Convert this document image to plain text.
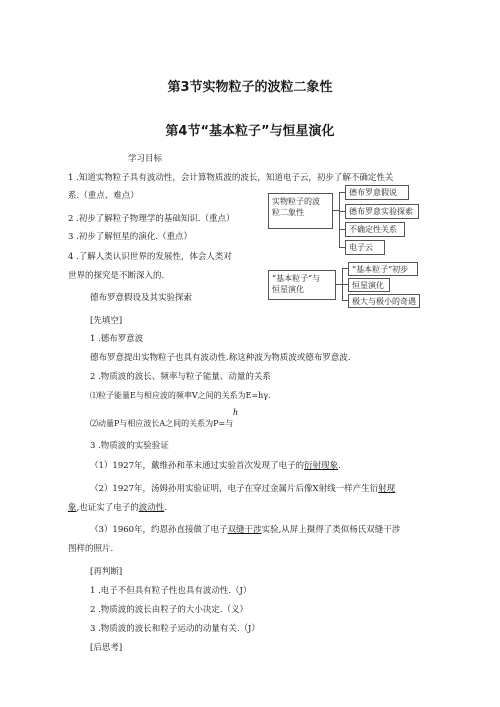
第3节实物粒子的波粒二象性
第4节“基本粒子”与恒星演化
学习目标
1 .知道实物粒子具有波动性，会计算物质波的波长，知道电子云，初步了解不确定性关
系.（重点、难点）
2 .初步了解粒子物理学的基础知识.（重点）
3 .初步了解恒星的演化.（重点）
4 .了解人类认识世界的发展性，体会人类对
世界的探究是不断深入的.
实物粒子的波
粒二象性
德布罗意假说
德布罗意实验探索
不确定性关系
电子云
“基本粒子”与
恒星演化
“基本粒子”初步
恒星演化
极大与极小的奇遇
德布罗意假设及其实验探索
[先填空]
1 .德布罗意波
德布罗意提出实物粒子也具有波动性.称这种波为物质波或德布罗意波.
2 .物质波的波长、频率与粒子能量、动量的关系
⑴粒子能量E与相应波的频率V之间的关系为E=hγ.
h
⑵动量P与相应波长A之间的关系为P=与
3 .物质波的实验验证
（1）1927年，戴维孙和革末通过实验首次发现了电子的衍射现象.
（2）1927年，汤姆孙用实验证明，电子在穿过金属片后像X射线一样产生衍射现
象,也证实了电子的波动性.
（3）1960年，约恩孙直接做了电子双缝干涉实验,从屏上摄得了类似杨氏双缝干涉
图样的照片.
[再判断]
1 .电子不但具有粒子性也具有波动性.（J）
2 .物质波的波长由粒子的大小决定.（义）
3 .物质波的波长和粒子运动的动量有关.（J）
[后思考]
